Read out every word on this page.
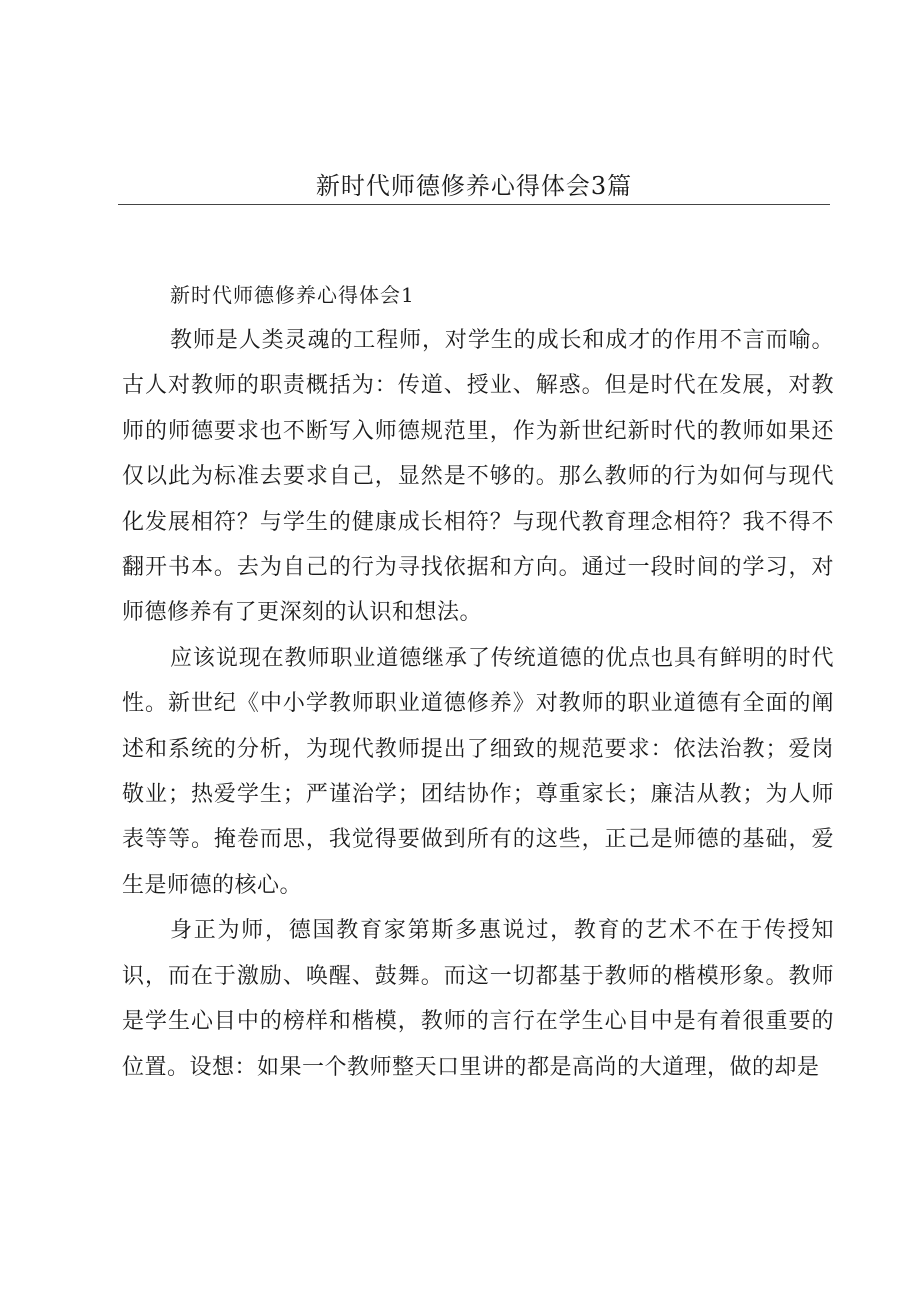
新时代师德修养心得体会3篇

新时代师德修养心得体会1

教师是人类灵魂的工程师，对学生的成长和成才的作用不言而喻。古人对教师的职责概括为：传道、授业、解惑。但是时代在发展，对教师的师德要求也不断写入师德规范里，作为新世纪新时代的教师如果还仅以此为标准去要求自己，显然是不够的。那么教师的行为如何与现代化发展相符？与学生的健康成长相符？与现代教育理念相符？我不得不翻开书本。去为自己的行为寻找依据和方向。通过一段时间的学习，对师德修养有了更深刻的认识和想法。

应该说现在教师职业道德继承了传统道德的优点也具有鲜明的时代性。新世纪《中小学教师职业道德修养》对教师的职业道德有全面的阐述和系统的分析，为现代教师提出了细致的规范要求：依法治教；爱岗敬业；热爱学生；严谨治学；团结协作；尊重家长；廉洁从教；为人师表等等。掩卷而思，我觉得要做到所有的这些，正己是师德的基础，爱生是师德的核心。

身正为师，德国教育家第斯多惠说过，教育的艺术不在于传授知识，而在于激励、唤醒、鼓舞。而这一切都基于教师的楷模形象。教师是学生心目中的榜样和楷模，教师的言行在学生心目中是有着很重要的位置。设想：如果一个教师整天口里讲的都是高尚的大道理，做的却是
